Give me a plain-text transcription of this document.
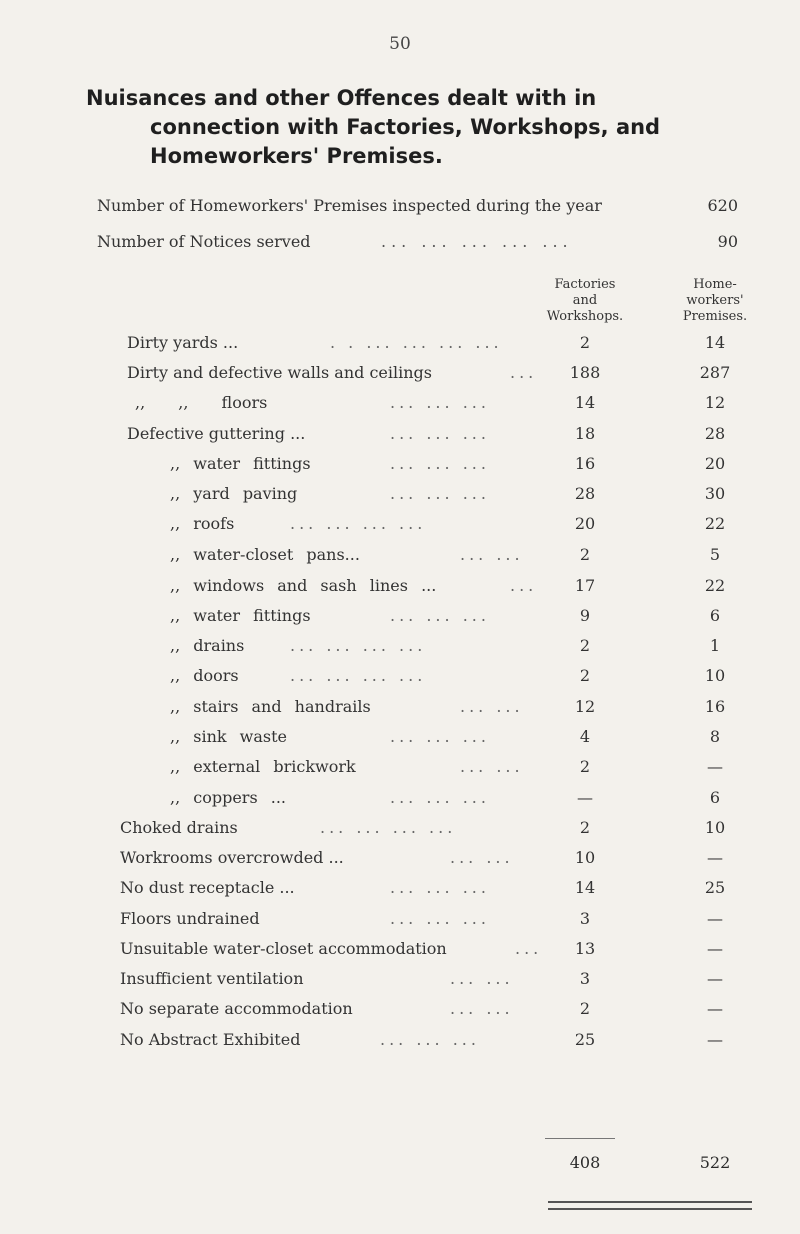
50
Nuisances and other Offences dealt with in
connection with Factories, Workshops, and
Homeworkers' Premises.
Number of Homeworkers' Premises inspected during the year	620
Number of Notices served	... ... ... ... ...	90
Factories
and
Workshops.
Home-
workers'
Premises.
Dirty yards ...	. . ... ... ... ...	2	14
Dirty and defective walls and ceilings	...	188	287
,, ,, floors	... ... ...	14	12
Defective guttering ...	... ... ...	18	28
,, water fittings	... ... ...	16	20
,, yard paving	... ... ...	28	30
,, roofs	... ... ... ...	20	22
,, water-closet pans...	... ...	2	5
,, windows and sash lines ...	...	17	22
,, water fittings	... ... ...	9	6
,, drains	... ... ... ...	2	1
,, doors	... ... ... ...	2	10
,, stairs and handrails	... ...	12	16
,, sink waste	... ... ...	4	8
,, external brickwork	... ...	2	—
,, coppers ...	... ... ...	—	6
Choked drains	... ... ... ...	2	10
Workrooms overcrowded ...	... ...	10	—
No dust receptacle ...	... ... ...	14	25
Floors undrained	... ... ...	3	—
Unsuitable water-closet accommodation	...	13	—
Insufficient ventilation	... ...	3	—
No separate accommodation	... ...	2	—
No Abstract Exhibited	... ... ...	25	—
408	522
